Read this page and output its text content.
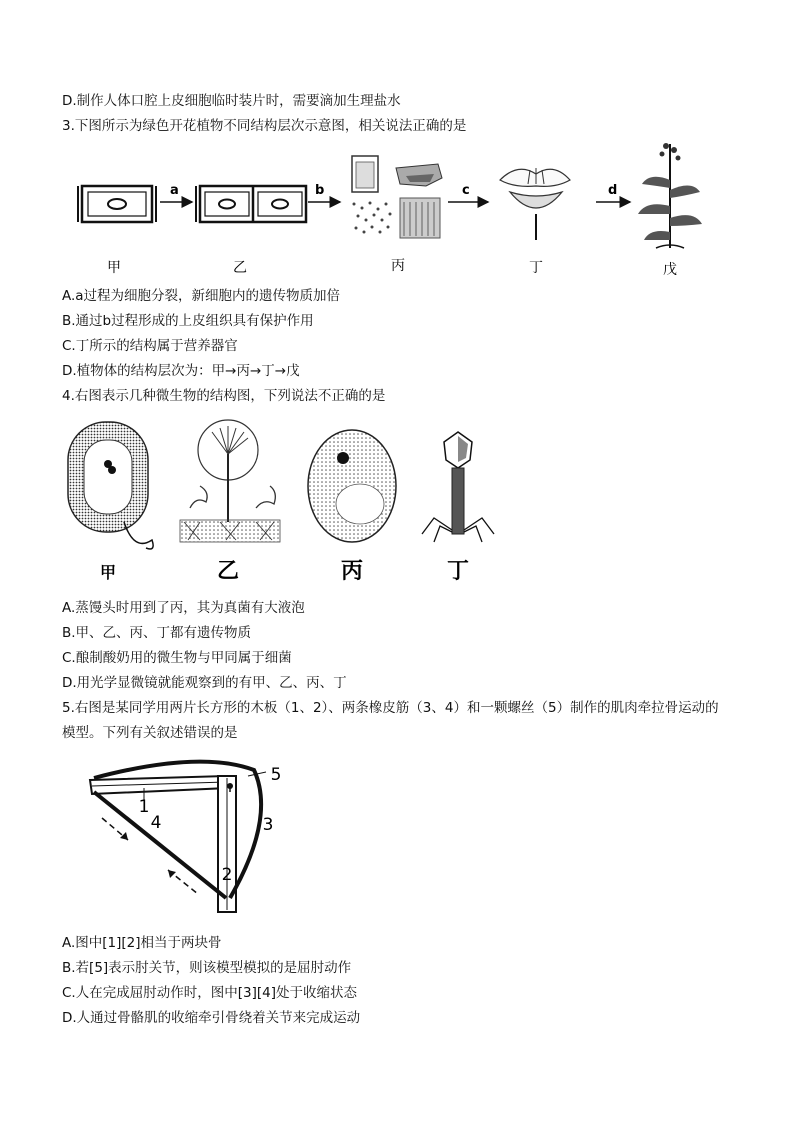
D.制作人体口腔上皮细胞临时装片时，需要滴加生理盐水
3.下图所示为绿色开花植物不同结构层次示意图，相关说法正确的是
a	b	c	d
甲	乙	丙	丁	戊
A.a过程为细胞分裂，新细胞内的遗传物质加倍
B.通过b过程形成的上皮组织具有保护作用
C.丁所示的结构属于营养器官
D.植物体的结构层次为：甲→丙→丁→戊
4.右图表示几种微生物的结构图，下列说法不正确的是
甲	乙	丙	丁
A.蒸馒头时用到了丙，其为真菌有大液泡
B.甲、乙、丙、丁都有遗传物质
C.酿制酸奶用的微生物与甲同属于细菌
D.用光学显微镜就能观察到的有甲、乙、丙、丁
5.右图是某同学用两片长方形的木板（1、2）、两条橡皮筋（3、4）和一颗螺丝（5）制作的肌肉牵拉骨运动的
模型。下列有关叙述错误的是
1
2
3
4
5
A.图中[1][2]相当于两块骨
B.若[5]表示肘关节，则该模型模拟的是屈肘动作
C.人在完成屈肘动作时，图中[3][4]处于收缩状态
D.人通过骨骼肌的收缩牵引骨绕着关节来完成运动
